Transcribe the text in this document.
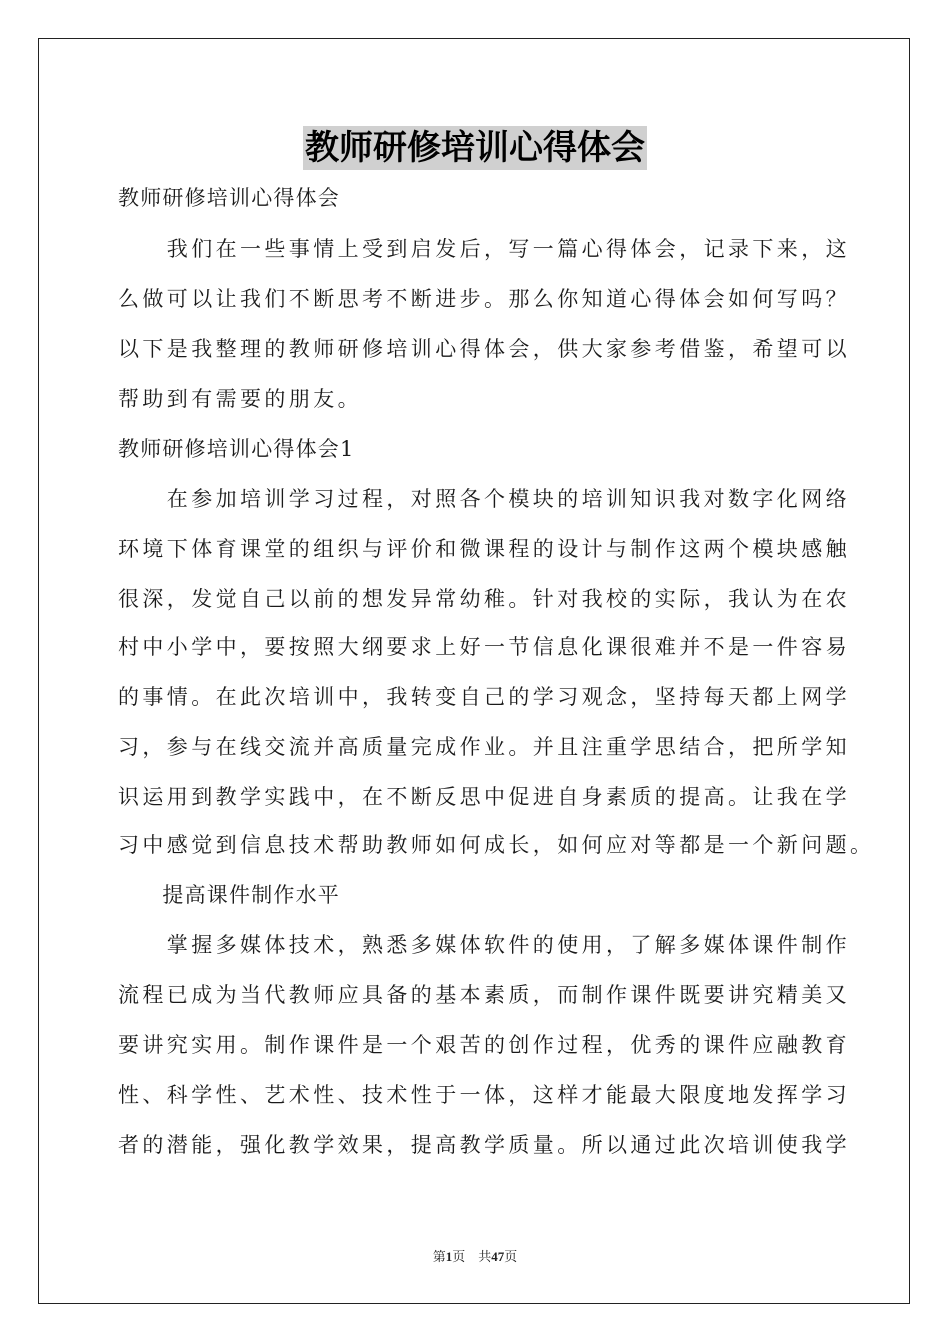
教师研修培训心得体会
教师研修培训心得体会
　　我们在一些事情上受到启发后，写一篇心得体会，记录下来，这
么做可以让我们不断思考不断进步。那么你知道心得体会如何写吗？
以下是我整理的教师研修培训心得体会，供大家参考借鉴，希望可以
帮助到有需要的朋友。
教师研修培训心得体会1
　　在参加培训学习过程，对照各个模块的培训知识我对数字化网络
环境下体育课堂的组织与评价和微课程的设计与制作这两个模块感触
很深，发觉自己以前的想发异常幼稚。针对我校的实际，我认为在农
村中小学中，要按照大纲要求上好一节信息化课很难并不是一件容易
的事情。在此次培训中，我转变自己的学习观念，坚持每天都上网学
习，参与在线交流并高质量完成作业。并且注重学思结合，把所学知
识运用到教学实践中，在不断反思中促进自身素质的提高。让我在学
习中感觉到信息技术帮助教师如何成长，如何应对等都是一个新问题。
　　提高课件制作水平
　　掌握多媒体技术，熟悉多媒体软件的使用，了解多媒体课件制作
流程已成为当代教师应具备的基本素质，而制作课件既要讲究精美又
要讲究实用。制作课件是一个艰苦的创作过程，优秀的课件应融教育
性、科学性、艺术性、技术性于一体，这样才能最大限度地发挥学习
者的潜能，强化教学效果，提高教学质量。所以通过此次培训使我学
第1页　共47页
